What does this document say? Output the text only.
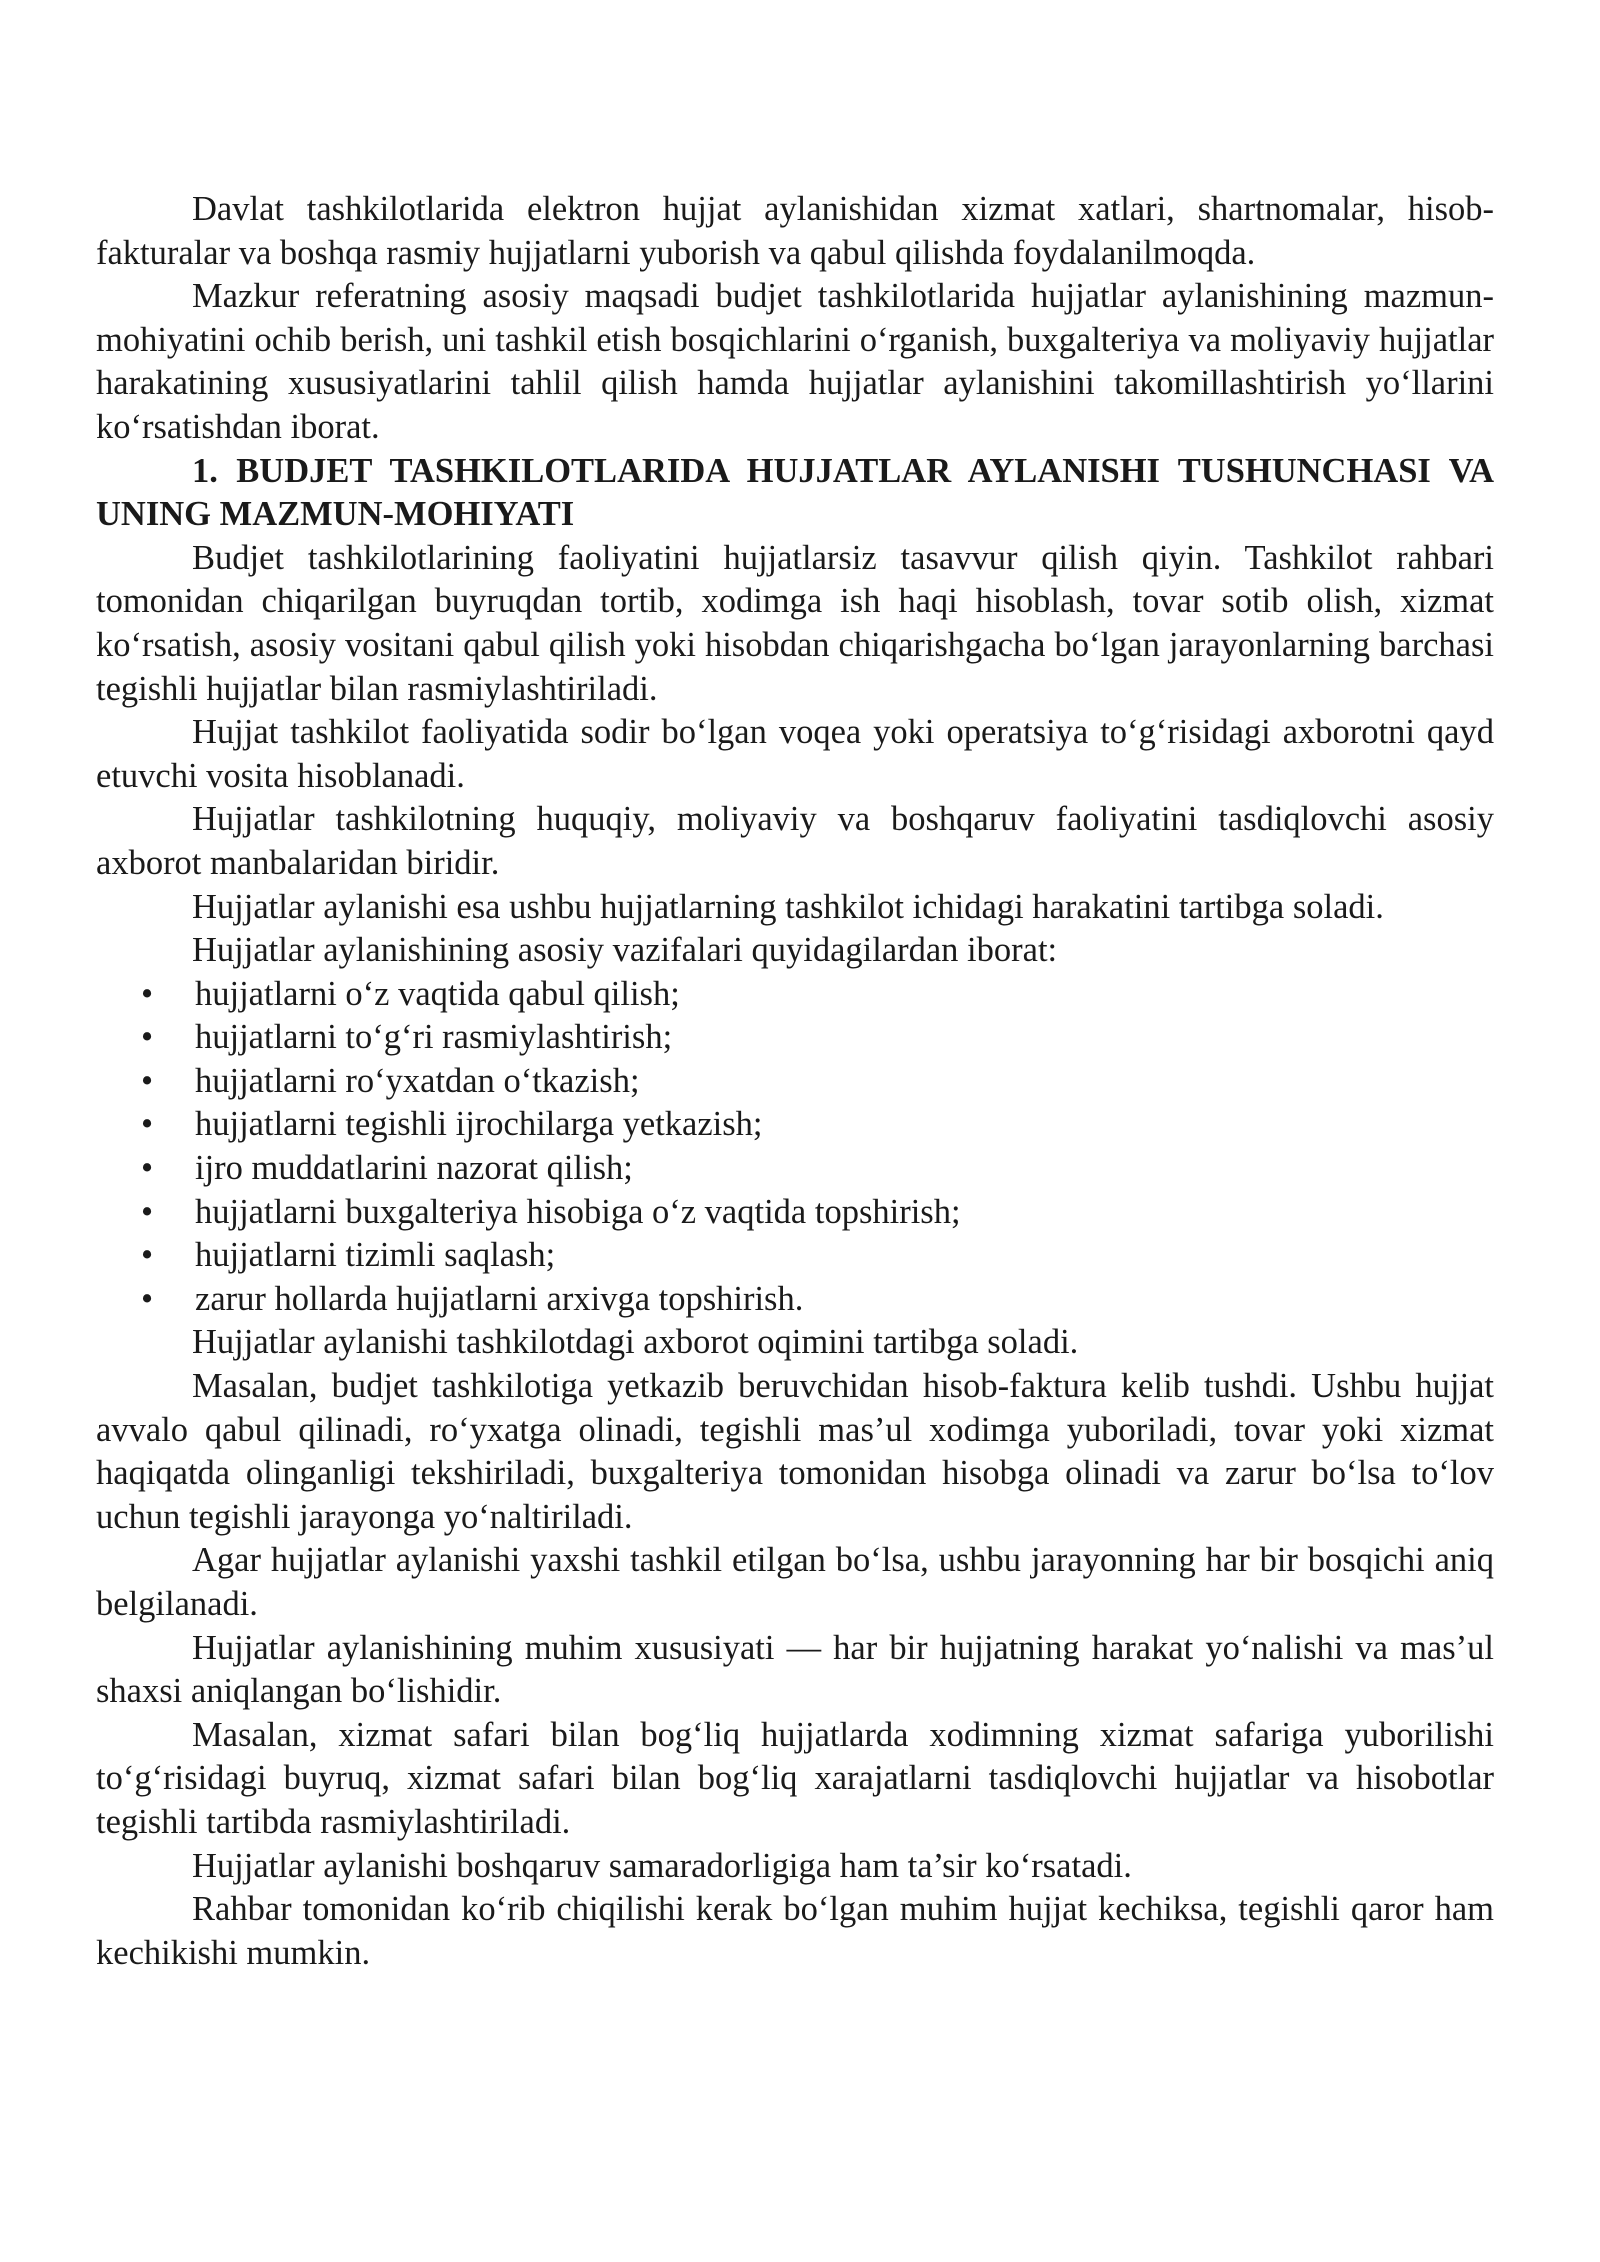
Davlat tashkilotlarida elektron hujjat aylanishidan xizmat xatlari, shartnomalar, hisob-fakturalar va boshqa rasmiy hujjatlarni yuborish va qabul qilishda foydalanilmoqda.

Mazkur referatning asosiy maqsadi budjet tashkilotlarida hujjatlar aylanishining mazmun-mohiyatini ochib berish, uni tashkil etish bosqichlarini o‘rganish, buxgalteriya va moliyaviy hujjatlar harakatining xususiyatlarini tahlil qilish hamda hujjatlar aylanishini takomillashtirish yo‘llarini ko‘rsatishdan iborat.

1. BUDJET TASHKILOTLARIDA HUJJATLAR AYLANISHI TUSHUNCHASI VA UNING MAZMUN-MOHIYATI

Budjet tashkilotlarining faoliyatini hujjatlarsiz tasavvur qilish qiyin. Tashkilot rahbari tomonidan chiqarilgan buyruqdan tortib, xodimga ish haqi hisoblash, tovar sotib olish, xizmat ko‘rsatish, asosiy vositani qabul qilish yoki hisobdan chiqarishgacha bo‘lgan jarayonlarning barchasi tegishli hujjatlar bilan rasmiylashtiriladi.

Hujjat tashkilot faoliyatida sodir bo‘lgan voqea yoki operatsiya to‘g‘risidagi axborotni qayd etuvchi vosita hisoblanadi.

Hujjatlar tashkilotning huquqiy, moliyaviy va boshqaruv faoliyatini tasdiqlovchi asosiy axborot manbalaridan biridir.

Hujjatlar aylanishi esa ushbu hujjatlarning tashkilot ichidagi harakatini tartibga soladi.

Hujjatlar aylanishining asosiy vazifalari quyidagilardan iborat:

• hujjatlarni o‘z vaqtida qabul qilish;
• hujjatlarni to‘g‘ri rasmiylashtirish;
• hujjatlarni ro‘yxatdan o‘tkazish;
• hujjatlarni tegishli ijrochilarga yetkazish;
• ijro muddatlarini nazorat qilish;
• hujjatlarni buxgalteriya hisobiga o‘z vaqtida topshirish;
• hujjatlarni tizimli saqlash;
• zarur hollarda hujjatlarni arxivga topshirish.

Hujjatlar aylanishi tashkilotdagi axborot oqimini tartibga soladi.

Masalan, budjet tashkilotiga yetkazib beruvchidan hisob-faktura kelib tushdi. Ushbu hujjat avvalo qabul qilinadi, ro‘yxatga olinadi, tegishli mas’ul xodimga yuboriladi, tovar yoki xizmat haqiqatda olinganligi tekshiriladi, buxgalteriya tomonidan hisobga olinadi va zarur bo‘lsa to‘lov uchun tegishli jarayonga yo‘naltiriladi.

Agar hujjatlar aylanishi yaxshi tashkil etilgan bo‘lsa, ushbu jarayonning har bir bosqichi aniq belgilanadi.

Hujjatlar aylanishining muhim xususiyati — har bir hujjatning harakat yo‘nalishi va mas’ul shaxsi aniqlangan bo‘lishidir.

Masalan, xizmat safari bilan bog‘liq hujjatlarda xodimning xizmat safariga yuborilishi to‘g‘risidagi buyruq, xizmat safari bilan bog‘liq xarajatlarni tasdiqlovchi hujjatlar va hisobotlar tegishli tartibda rasmiylashtiriladi.

Hujjatlar aylanishi boshqaruv samaradorligiga ham ta’sir ko‘rsatadi.

Rahbar tomonidan ko‘rib chiqilishi kerak bo‘lgan muhim hujjat kechiksa, tegishli qaror ham kechikishi mumkin.
